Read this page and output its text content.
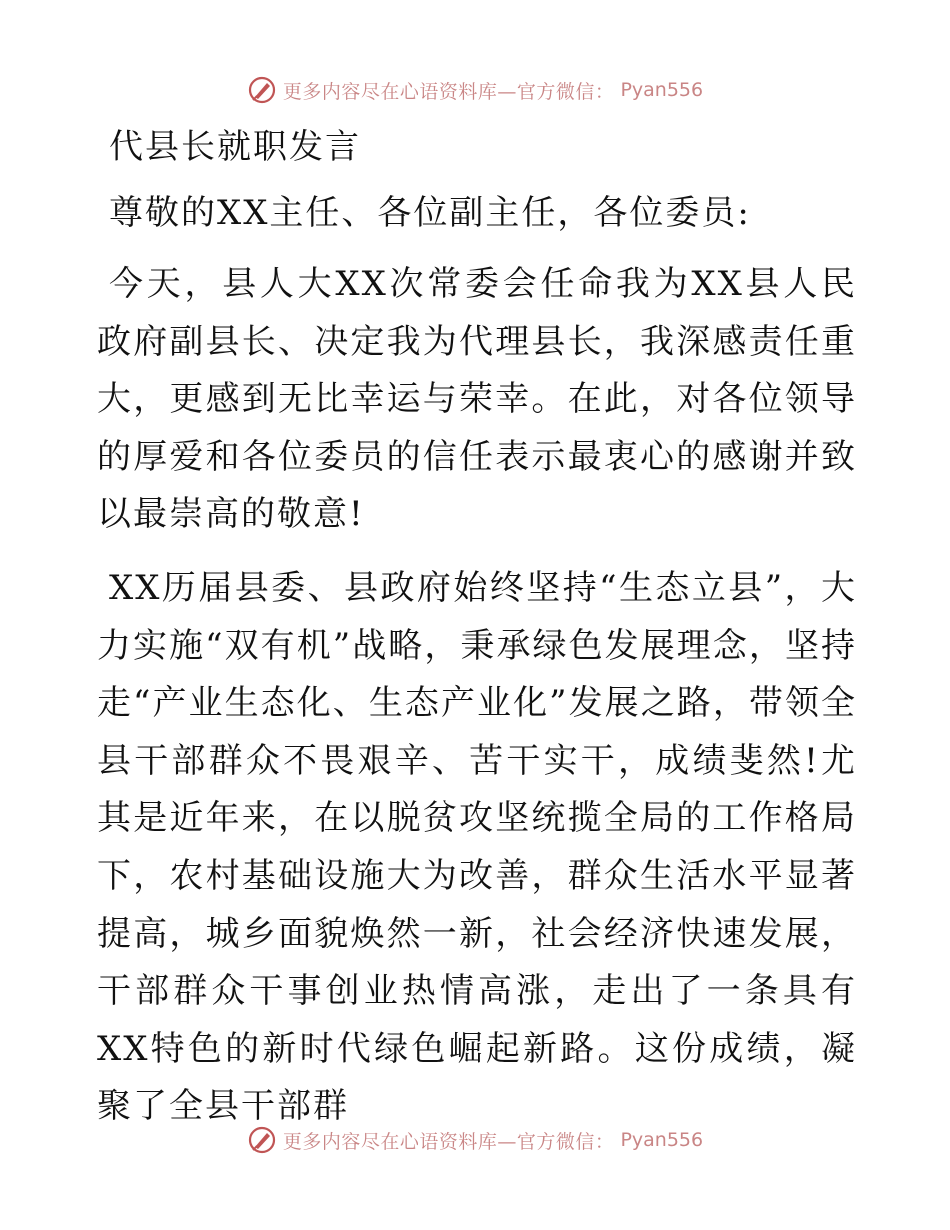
更多内容尽在心语资料库—官方微信： Pyan556
代县长就职发言

尊敬的XX主任、各位副主任，各位委员:

今天，县人大XX次常委会任命我为XX县人民政府副县长、决定我为代理县长，我深感责任重大，更感到无比幸运与荣幸。在此，对各位领导的厚爱和各位委员的信任表示最衷心的感谢并致以最崇高的敬意!

XX历届县委、县政府始终坚持“生态立县”，大力实施“双有机”战略，秉承绿色发展理念，坚持走“产业生态化、生态产业化”发展之路，带领全县干部群众不畏艰辛、苦干实干，成绩斐然!尤其是近年来，在以脱贫攻坚统揽全局的工作格局下，农村基础设施大为改善，群众生活水平显著提高，城乡面貌焕然一新，社会经济快速发展，干部群众干事创业热情高涨，走出了一条具有XX特色的新时代绿色崛起新路。这份成绩，凝聚了全县干部群

更多内容尽在心语资料库—官方微信： Pyan556
